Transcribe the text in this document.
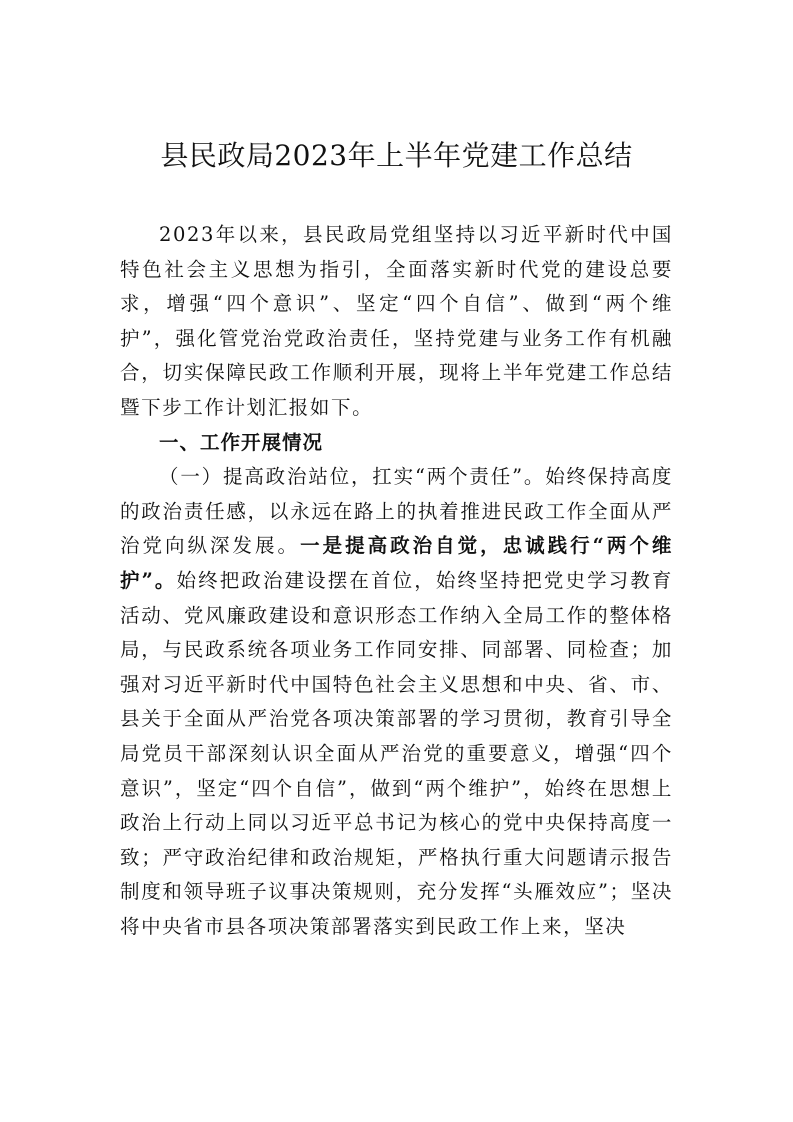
县民政局2023年上半年党建工作总结

2023年以来，县民政局党组坚持以习近平新时代中国特色社会主义思想为指引，全面落实新时代党的建设总要求，增强“四个意识”、坚定“四个自信”、做到“两个维护”，强化管党治党政治责任，坚持党建与业务工作有机融合，切实保障民政工作顺利开展，现将上半年党建工作总结暨下步工作计划汇报如下。

一、工作开展情况

（一）提高政治站位，扛实“两个责任”。始终保持高度的政治责任感，以永远在路上的执着推进民政工作全面从严治党向纵深发展。一是提高政治自觉，忠诚践行“两个维护”。始终把政治建设摆在首位，始终坚持把党史学习教育活动、党风廉政建设和意识形态工作纳入全局工作的整体格局，与民政系统各项业务工作同安排、同部署、同检查；加强对习近平新时代中国特色社会主义思想和中央、省、市、县关于全面从严治党各项决策部署的学习贯彻，教育引导全局党员干部深刻认识全面从严治党的重要意义，增强“四个意识”，坚定“四个自信”，做到“两个维护”，始终在思想上政治上行动上同以习近平总书记为核心的党中央保持高度一致；严守政治纪律和政治规矩，严格执行重大问题请示报告制度和领导班子议事决策规则，充分发挥“头雁效应”；坚决将中央省市县各项决策部署落实到民政工作上来，坚决
